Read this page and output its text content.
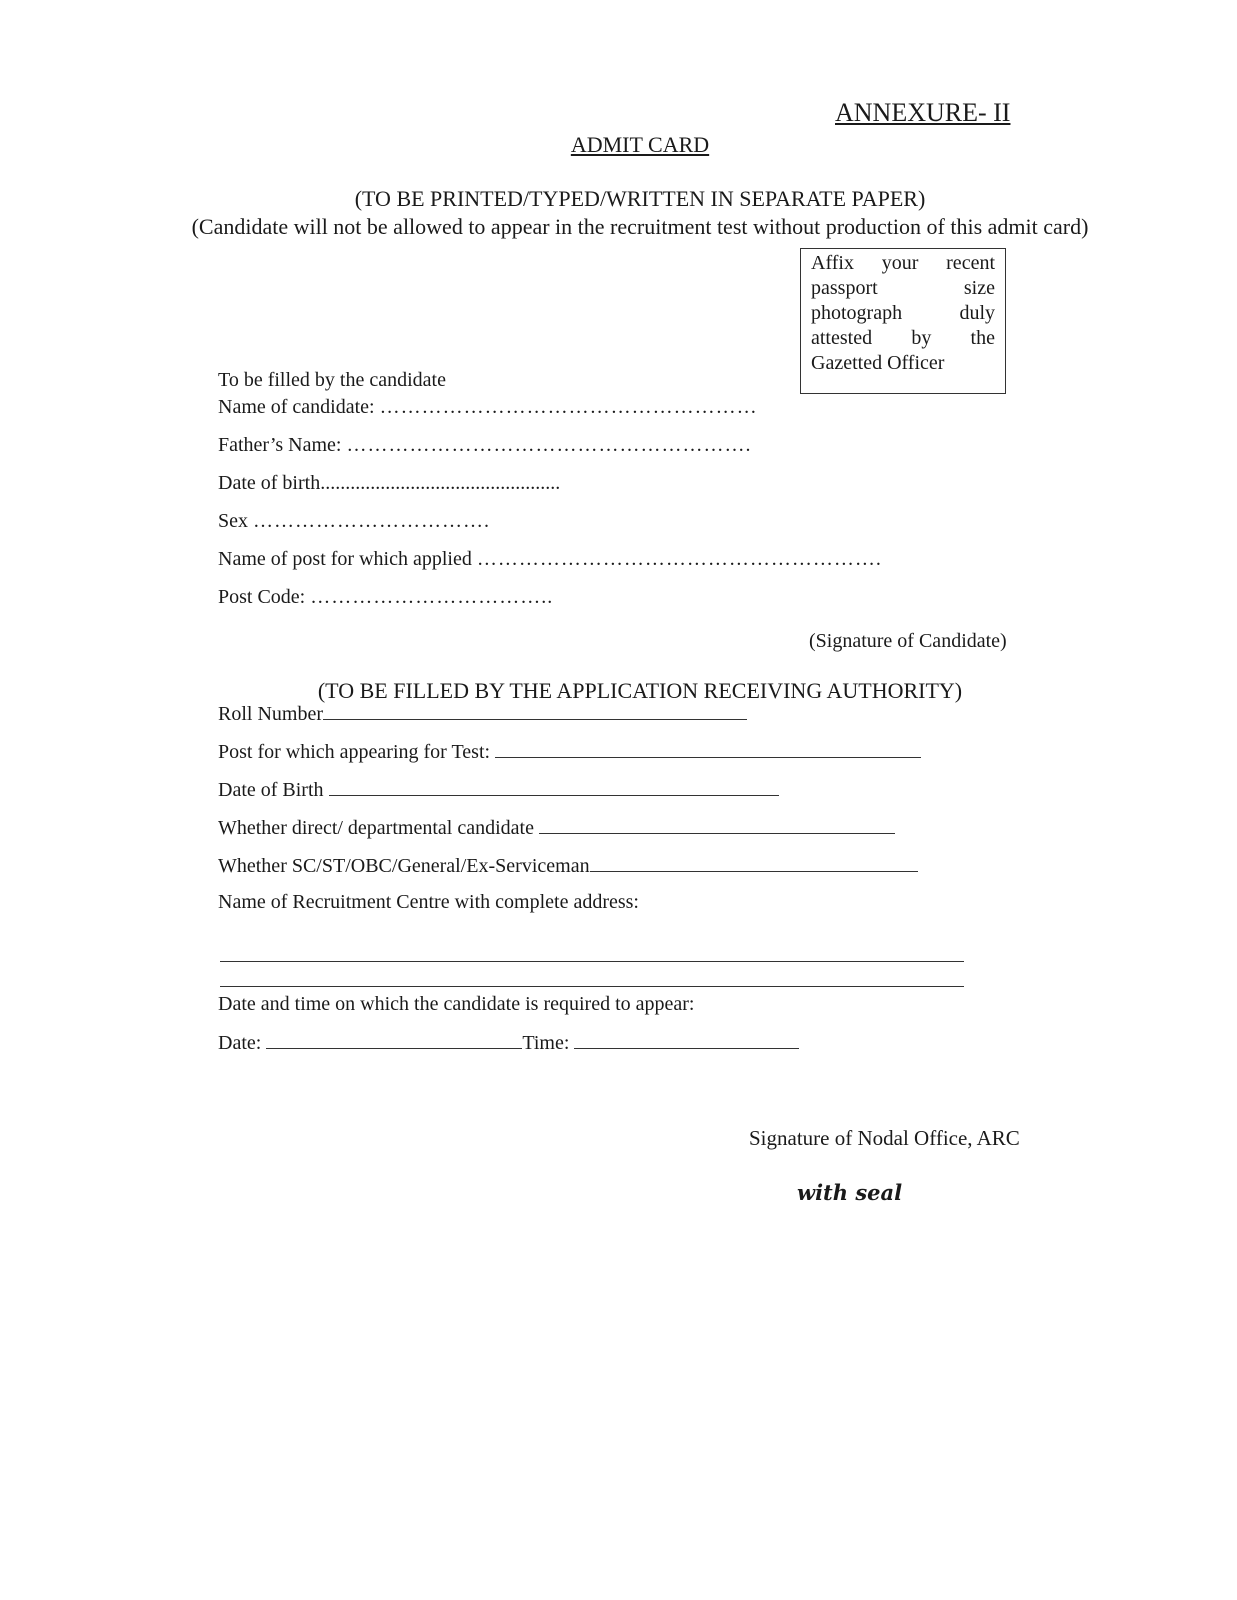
ANNEXURE- II
ADMIT CARD
(TO BE PRINTED/TYPED/WRITTEN IN SEPARATE PAPER)
(Candidate will not be allowed to appear in the recruitment test without production of this admit card)
Affix your recent passport size photograph duly attested by the Gazetted Officer
To be filled by the candidate
Name of candidate: ………………………………………………
Father’s Name: ………………………………………………….
Date of birth................................................
Sex …………………………….
Name of post for which applied ………………………………………………….
Post Code: ……………………………..
(Signature of Candidate)
(TO BE FILLED BY THE APPLICATION RECEIVING AUTHORITY)
Roll Number
Post for which appearing for Test:
Date of Birth
Whether direct/ departmental candidate
Whether SC/ST/OBC/General/Ex-Serviceman
Name of Recruitment Centre with complete address:
Date and time on which the candidate is required to appear:
Date:	Time:
Signature of Nodal Office, ARC
with seal
